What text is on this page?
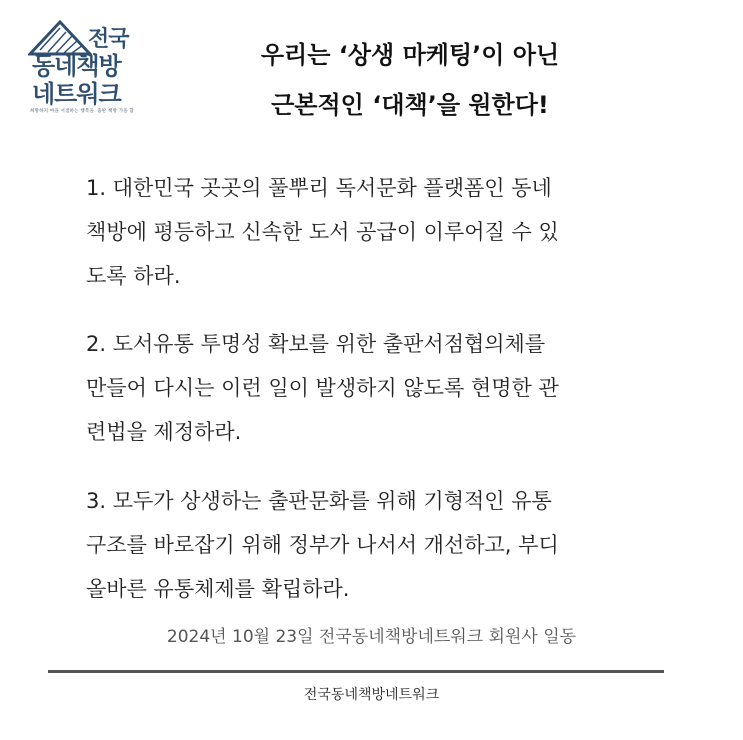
전국
동네책방
네트워크
희망하지 마을 서점하는 행복을. 출판 책방 가을 함
우리는 ‘상생 마케팅’이 아닌
근본적인 ‘대책’을 원한다!
1. 대한민국 곳곳의 풀뿌리 독서문화 플랫폼인 동네
책방에 평등하고 신속한 도서 공급이 이루어질 수 있
도록 하라.
2. 도서유통 투명성 확보를 위한 출판서점협의체를
만들어 다시는 이런 일이 발생하지 않도록 현명한 관
련법을 제정하라.
3. 모두가 상생하는 출판문화를 위해 기형적인 유통
구조를 바로잡기 위해 정부가 나서서 개선하고, 부디
올바른 유통체제를 확립하라.
2024년 10월 23일 전국동네책방네트워크 회원사 일동
전국동네책방네트워크
